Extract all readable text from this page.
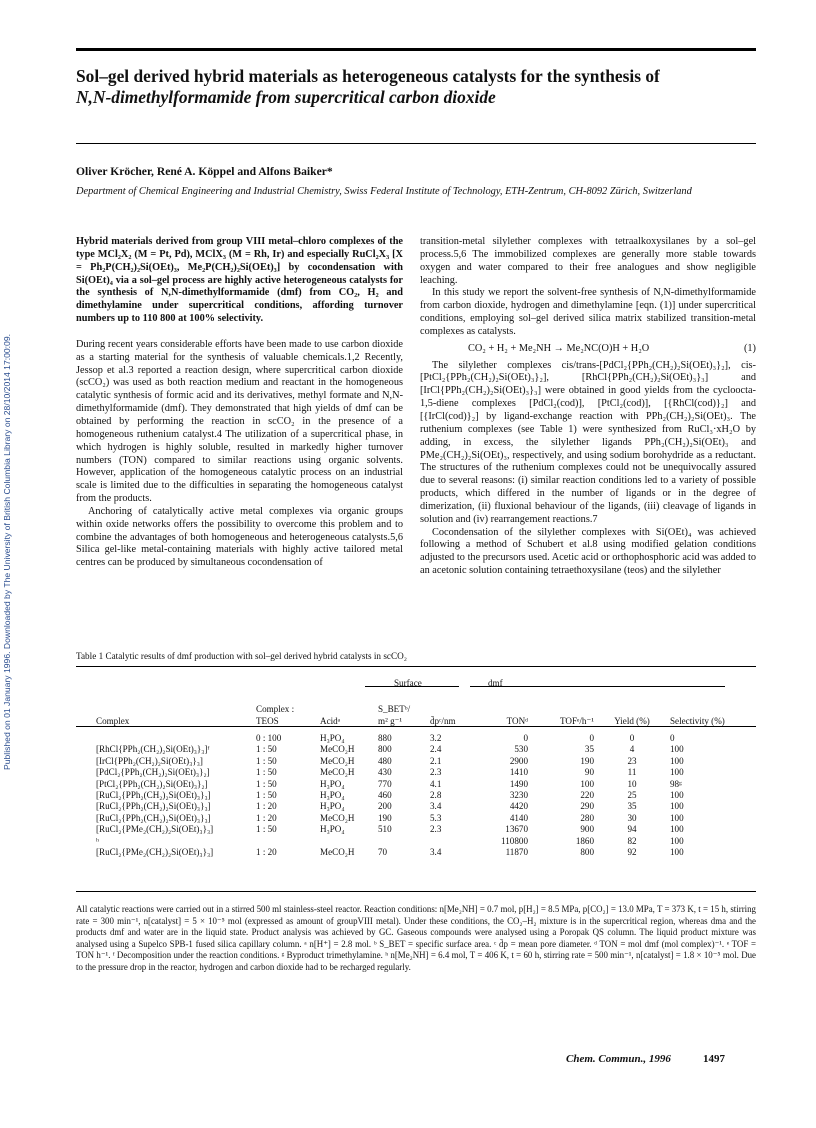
Published on 01 January 1996. Downloaded by The University of British Columbia Library on 28/10/2014 17:00:09.
Sol–gel derived hybrid materials as heterogeneous catalysts for the synthesis of
N,N-dimethylformamide from supercritical carbon dioxide
Oliver Kröcher, René A. Köppel and Alfons Baiker*
Department of Chemical Engineering and Industrial Chemistry, Swiss Federal Institute of Technology, ETH-Zentrum, CH-8092 Zürich, Switzerland

Hybrid materials derived from group VIII metal–chloro complexes of the type MCl₂X₂ (M = Pt, Pd), MClX₃ (M = Rh, Ir) and especially RuCl₂X₃ [X = Ph₂P(CH₂)₂Si(OEt)₃, Me₂P(CH₂)₂Si(OEt)₃] by cocondensation with Si(OEt)₄ via a sol–gel process are highly active heterogeneous catalysts for the synthesis of N,N-dimethylformamide (dmf) from CO₂, H₂ and dimethylamine under supercritical conditions, affording turnover numbers up to 110 800 at 100% selectivity.

During recent years considerable efforts have been made to use carbon dioxide as a starting material for the synthesis of valuable chemicals.1,2 Recently, Jessop et al.3 reported a reaction design, where supercritical carbon dioxide (scCO₂) was used as both reaction medium and reactant in the homogeneous catalytic synthesis of formic acid and its derivatives, methyl formate and N,N-dimethylformamide (dmf). They demonstrated that high yields of dmf can be obtained by performing the reaction in scCO₂ in the presence of a homogeneous ruthenium catalyst.4 The utilization of a supercritical phase, in which hydrogen is highly soluble, resulted in markedly higher turnover numbers (TON) compared to similar reactions using organic solvents. However, application of the homogeneous catalytic process on an industrial scale is limited due to the difficulties in separating the homogeneous catalyst from the products.

Anchoring of catalytically active metal complexes via organic groups within oxide networks offers the possibility to overcome this problem and to combine the advantages of both homogeneous and heterogeneous catalysts.5,6 Silica gel-like metal-containing materials with highly active tailored metal centres can be produced by simultaneous cocondensation of

transition-metal silylether complexes with tetraalkoxysilanes by a sol–gel process.5,6 The immobilized complexes are generally more stable towards oxygen and water compared to their free analogues and show negligible leaching.

In this study we report the solvent-free synthesis of N,N-dimethylformamide from carbon dioxide, hydrogen and dimethylamine [eqn. (1)] under supercritical conditions, employing sol–gel derived silica matrix stabilized transition-metal complexes as catalysts.

CO₂ + H₂ + Me₂NH → Me₂NC(O)H + H₂O	(1)

The silylether complexes cis/trans-[PdCl₂{PPh₂(CH₂)₂Si(OEt)₃}₂], cis-[PtCl₂{PPh₂(CH₂)₂Si(OEt)₃}₂], [RhCl{PPh₂(CH₂)₂Si(OEt)₃}₃] and [IrCl{PPh₂(CH₂)₂Si(OEt)₃}₃] were obtained in good yields from the cycloocta-1,5-diene complexes [PdCl₂(cod)], [PtCl₂(cod)], [{RhCl(cod)}₂] and [{IrCl(cod)}₂] by ligand-exchange reaction with PPh₂(CH₂)₂Si(OEt)₃. The ruthenium complexes (see Table 1) were synthesized from RuCl₃·xH₂O by adding, in excess, the silylether ligands PPh₂(CH₂)₂Si(OEt)₃ and PMe₂(CH₂)₂Si(OEt)₃, respectively, and using sodium borohydride as a reductant. The structures of the ruthenium complexes could not be unequivocally assured due to several reasons: (i) similar reaction conditions led to a variety of possible products, which differed in the number of ligands or in the degree of dimerization, (ii) fluxional behaviour of the ligands, (iii) cleavage of ligands in solution and (iv) rearrangement reactions.7

Cocondensation of the silylether complexes with Si(OEt)₄ was achieved following a method of Schubert et al.8 using modified gelation conditions adjusted to the precursors used. Acetic acid or orthophosphoric acid was added to an acetonic solution containing tetraethoxysilane (teos) and the silylether

Table 1 Catalytic results of dmf production with sol–gel derived hybrid catalysts in scCO₂
			Surface		dmf			
Complex	Complex : TEOS	Acidᵃ	S_BETᵇ/ m² g⁻¹	d̄pᶜ/nm	TONᵈ	TOFᵉ/h⁻¹	Yield (%)	Selectivity (%)

	0 : 100	H₃PO₄	880	3.2	0	0	0	0
[RhCl{PPh₂(CH₂)₂Si(OEt)₃}₃]ᶠ	1 : 50	MeCO₂H	800	2.4	530	35	4	100
[IrCl{PPh₂(CH₂)₂Si(OEt)₃}₃]	1 : 50	MeCO₂H	480	2.1	2900	190	23	100
[PdCl₂{PPh₂(CH₂)₂Si(OEt)₃}₂]	1 : 50	MeCO₂H	430	2.3	1410	90	11	100
[PtCl₂{PPh₂(CH₂)₂Si(OEt)₃}₂]	1 : 50	H₃PO₄	770	4.1	1490	100	10	98ᵍ
[RuCl₂{PPh₂(CH₂)₂Si(OEt)₃}₃]	1 : 50	H₃PO₄	460	2.8	3230	220	25	100
[RuCl₂{PPh₂(CH₂)₂Si(OEt)₃}₃]	1 : 20	H₃PO₄	200	3.4	4420	290	35	100
[RuCl₂{PPh₂(CH₂)₂Si(OEt)₃}₃]	1 : 20	MeCO₂H	190	5.3	4140	280	30	100
[RuCl₂{PMe₂(CH₂)₂Si(OEt)₃}₃]	1 : 50	H₃PO₄	510	2.3	13670	900	94	100
ʰ					110800	1860	82	100
[RuCl₂{PMe₂(CH₂)₂Si(OEt)₃}₃]	1 : 20	MeCO₂H	70	3.4	11870	800	92	100
All catalytic reactions were carried out in a stirred 500 ml stainless-steel reactor. Reaction conditions: n[Me₂NH] = 0.7 mol, p[H₂] = 8.5 MPa, p[CO₂] = 13.0 MPa, T = 373 K, t = 15 h, stirring rate = 300 min⁻¹, n[catalyst] = 5 × 10⁻⁵ mol (expressed as amount of groupVIII metal). Under these conditions, the CO₂–H₂ mixture is in the supercritical region, whereas dma and the products dmf and water are in the liquid state. Product analysis was achieved by GC. Gaseous compounds were analysed using a Poropak QS column. The liquid product mixture was analysed using a Supelco SPB-1 fused silica capillary column. ᵃ n[H⁺] = 2.8 mol. ᵇ S_BET = specific surface area. ᶜ d̄p = mean pore diameter. ᵈ TON = mol dmf (mol complex)⁻¹. ᵉ TOF = TON h⁻¹. ᶠ Decomposition under the reaction conditions. ᵍ Byproduct trimethylamine. ʰ n[Me₂NH] = 6.4 mol, T = 406 K, t = 60 h, stirring rate = 500 min⁻¹, n[catalyst] = 1.8 × 10⁻⁵ mol. Due to the pressure drop in the reactor, hydrogen and carbon dioxide had to be recharged regularly.
Chem. Commun., 1996	1497
